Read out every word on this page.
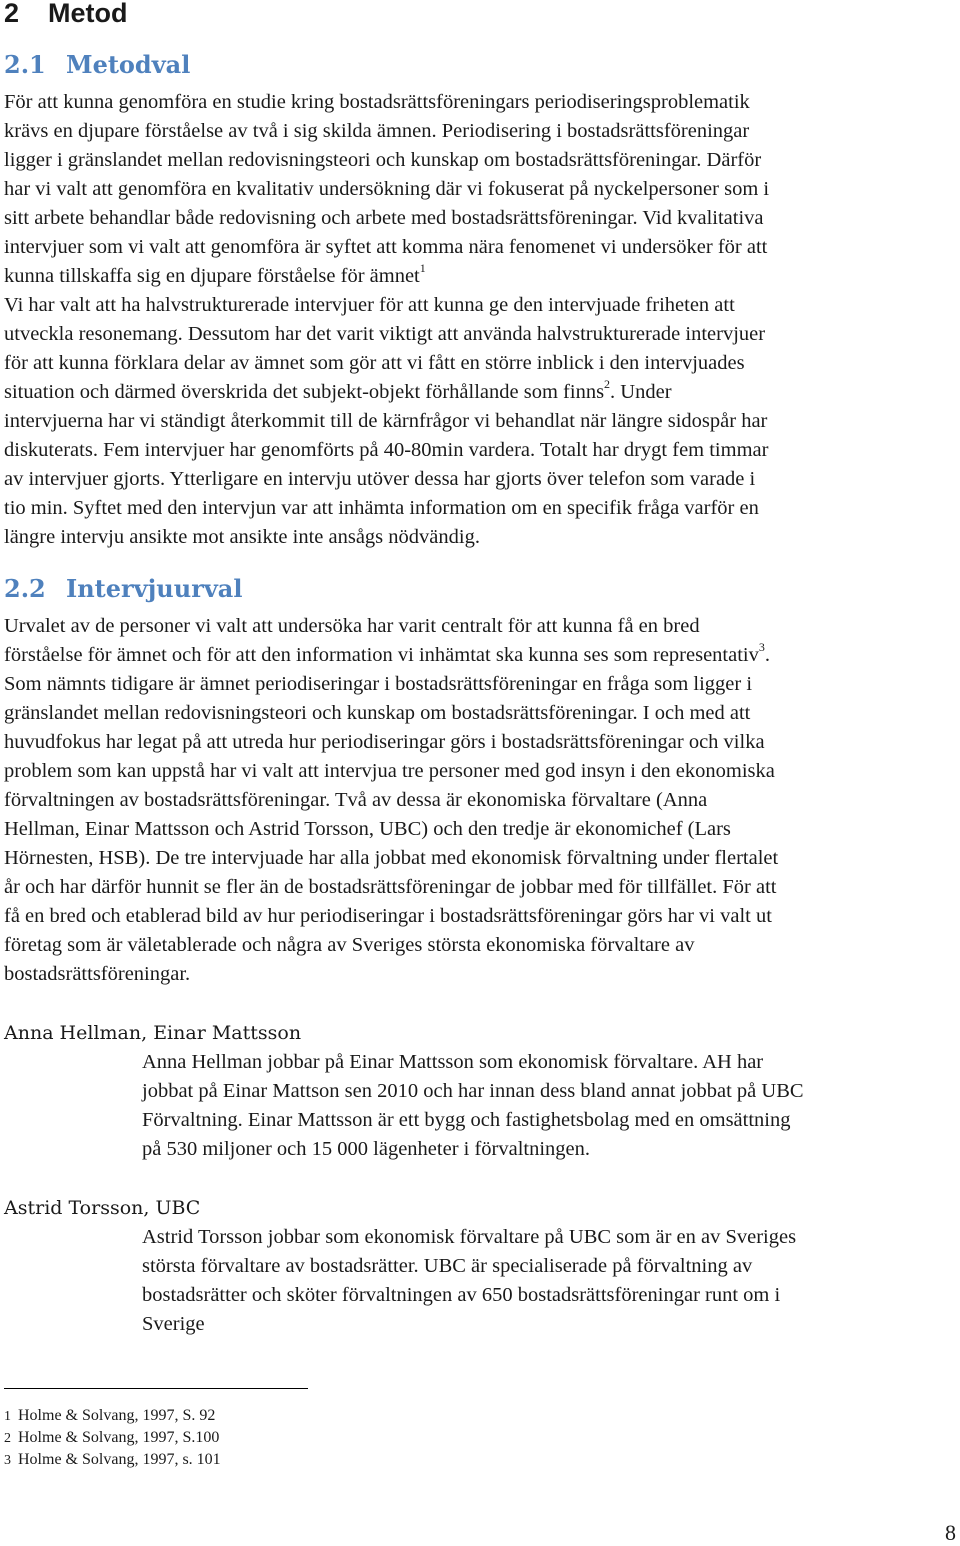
2 Metod
2.1 Metodval
För att kunna genomföra en studie kring bostadsrättsföreningars periodiseringsproblematik
krävs en djupare förståelse av två i sig skilda ämnen. Periodisering i bostadsrättsföreningar
ligger i gränslandet mellan redovisningsteori och kunskap om bostadsrättsföreningar. Därför
har vi valt att genomföra en kvalitativ undersökning där vi fokuserat på nyckelpersoner som i
sitt arbete behandlar både redovisning och arbete med bostadsrättsföreningar. Vid kvalitativa
intervjuer som vi valt att genomföra är syftet att komma nära fenomenet vi undersöker för att
kunna tillskaffa sig en djupare förståelse för ämnet$^1$
Vi har valt att ha halvstrukturerade intervjuer för att kunna ge den intervjuade friheten att
utveckla resonemang. Dessutom har det varit viktigt att använda halvstrukturerade intervjuer
för att kunna förklara delar av ämnet som gör att vi fått en större inblick i den intervjuades
situation och därmed överskrida det subjekt-objekt förhållande som finns$^2$. Under
intervjuerna har vi ständigt återkommit till de kärnfrågor vi behandlat när längre sidospår har
diskuterats. Fem intervjuer har genomförts på 40-80min vardera. Totalt har drygt fem timmar
av intervjuer gjorts. Ytterligare en intervju utöver dessa har gjorts över telefon som varade i
tio min. Syftet med den intervjun var att inhämta information om en specifik fråga varför en
längre intervju ansikte mot ansikte inte ansågs nödvändig.
2.2 Intervjuurval
Urvalet av de personer vi valt att undersöka har varit centralt för att kunna få en bred
förståelse för ämnet och för att den information vi inhämtat ska kunna ses som representativ$^3$.
Som nämnts tidigare är ämnet periodiseringar i bostadsrättsföreningar en fråga som ligger i
gränslandet mellan redovisningsteori och kunskap om bostadsrättsföreningar. I och med att
huvudfokus har legat på att utreda hur periodiseringar görs i bostadsrättsföreningar och vilka
problem som kan uppstå har vi valt att intervjua tre personer med god insyn i den ekonomiska
förvaltningen av bostadsrättsföreningar. Två av dessa är ekonomiska förvaltare (Anna
Hellman, Einar Mattsson och Astrid Torsson, UBC) och den tredje är ekonomichef (Lars
Hörnesten, HSB). De tre intervjuade har alla jobbat med ekonomisk förvaltning under flertalet
år och har därför hunnit se fler än de bostadsrättsföreningar de jobbar med för tillfället. För att
få en bred och etablerad bild av hur periodiseringar i bostadsrättsföreningar görs har vi valt ut
företag som är väletablerade och några av Sveriges största ekonomiska förvaltare av
bostadsrättsföreningar.
Anna Hellman, Einar Mattsson
Anna Hellman jobbar på Einar Mattsson som ekonomisk förvaltare. AH har
jobbat på Einar Mattson sen 2010 och har innan dess bland annat jobbat på UBC
Förvaltning. Einar Mattsson är ett bygg och fastighetsbolag med en omsättning
på 530 miljoner och 15 000 lägenheter i förvaltningen.
Astrid Torsson, UBC
Astrid Torsson jobbar som ekonomisk förvaltare på UBC som är en av Sveriges
största förvaltare av bostadsrätter. UBC är specialiserade på förvaltning av
bostadsrätter och sköter förvaltningen av 650 bostadsrättsföreningar runt om i
Sverige
1 Holme & Solvang, 1997, S. 92
2 Holme & Solvang, 1997, S.100
3 Holme & Solvang, 1997, s. 101
8
